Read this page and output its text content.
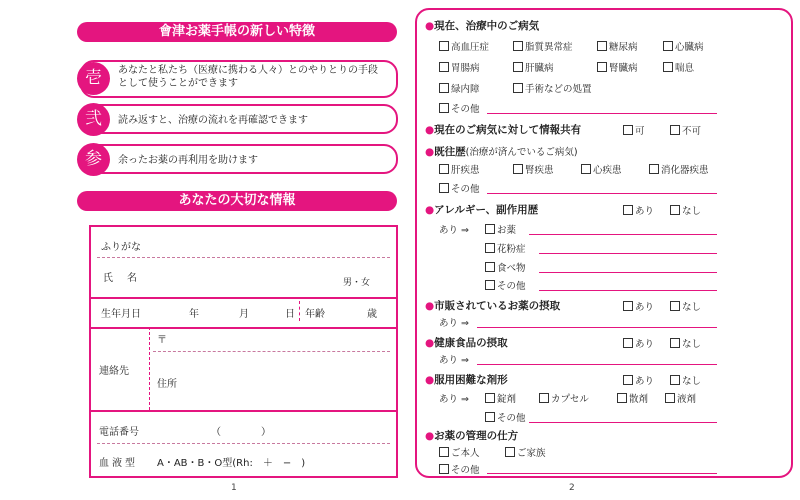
會津お薬手帳の新しい特徴
壱	あなたと私たち（医療に携わる人々）とのやりとりの手段として使うことができます
弐	読み返すと、治療の流れを再確認できます
参	余ったお薬の再利用を助けます
あなたの大切な情報
ふりがな
氏　名	男・女
生年月日	年	月	日 年齢	歳
連絡先
〒
住所
電話番号	（　　　　）
血液型 A・AB・B・O型(Rh:　＋　−　)
1
●現在、治療中のご病気
高血圧症	脂質異常症	糖尿病	心臓病
胃腸病	肝臓病	腎臓病	喘息
緑内障	手術などの処置
その他
●現在のご病気に対して情報共有	可	不可
●既往歴(治療が済んでいるご病気)
肝疾患	腎疾患	心疾患	消化器疾患
その他
●アレルギー、副作用歴	あり	なし
あり ⇒	お薬
花粉症
食べ物
その他
●市販されているお薬の摂取	あり	なし
あり ⇒
●健康食品の摂取	あり	なし
あり ⇒
●服用困難な剤形	あり	なし
あり ⇒	錠剤	カプセル	散剤	液剤
その他
●お薬の管理の仕方
ご本人	ご家族
その他
2
